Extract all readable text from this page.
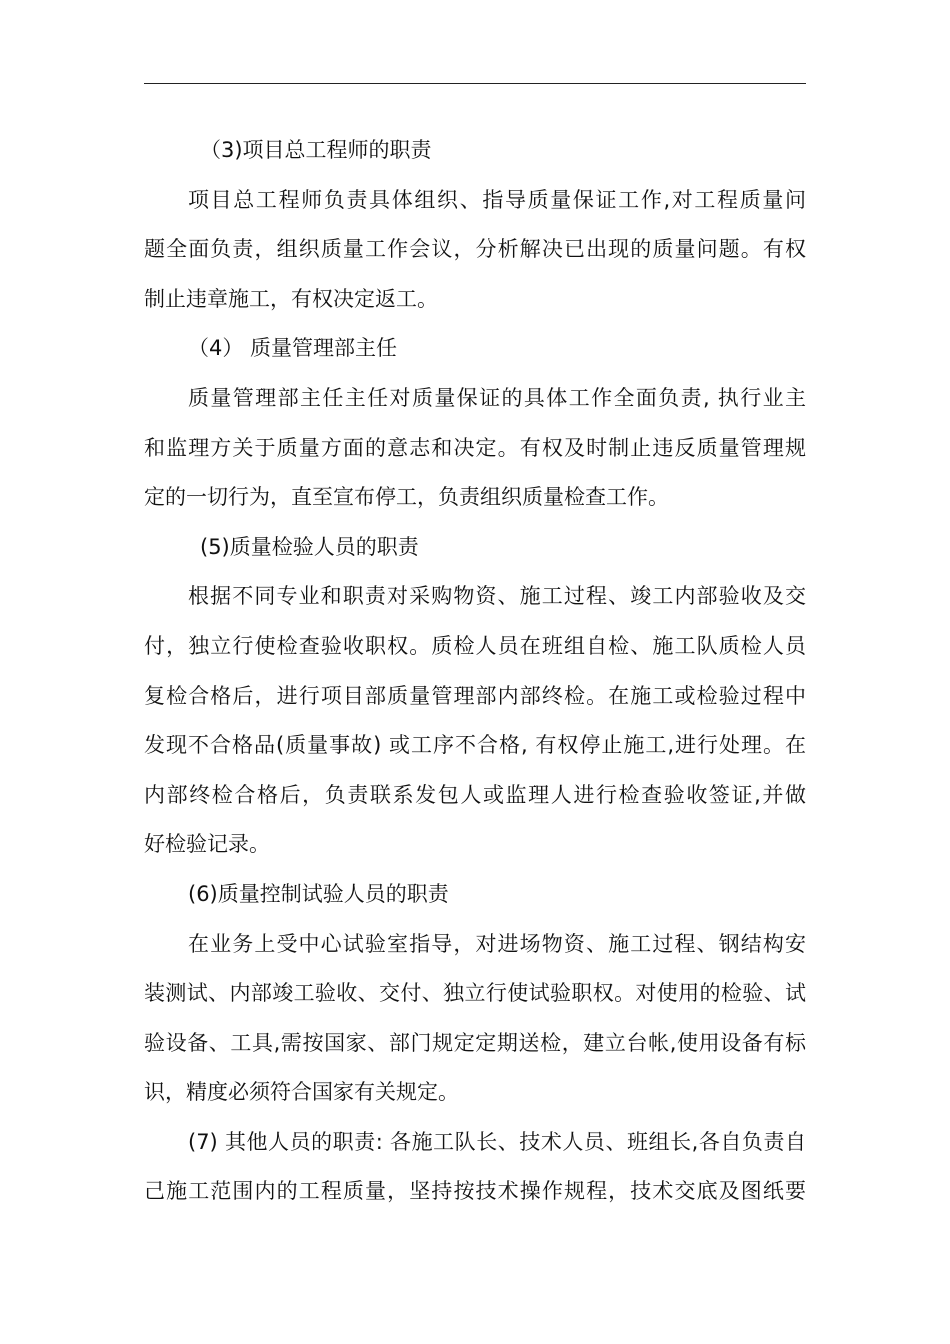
（3)项目总工程师的职责
项目总工程师负责具体组织、指导质量保证工作,对工程质量问
题全面负责，组织质量工作会议，分析解决已出现的质量问题。有权
制止违章施工，有权决定返工。
（4） 质量管理部主任
质量管理部主任主任对质量保证的具体工作全面负责, 执行业主
和监理方关于质量方面的意志和决定。有权及时制止违反质量管理规
定的一切行为，直至宣布停工，负责组织质量检查工作。
(5)质量检验人员的职责
根据不同专业和职责对采购物资、施工过程、竣工内部验收及交
付，独立行使检查验收职权。质检人员在班组自检、施工队质检人员
复检合格后，进行项目部质量管理部内部终检。在施工或检验过程中
发现不合格品(质量事故) 或工序不合格, 有权停止施工,进行处理。在
内部终检合格后，负责联系发包人或监理人进行检查验收签证,并做
好检验记录。
(6)质量控制试验人员的职责
在业务上受中心试验室指导，对进场物资、施工过程、钢结构安
装测试、内部竣工验收、交付、独立行使试验职权。对使用的检验、试
验设备、工具,需按国家、部门规定定期送检，建立台帐,使用设备有标
识，精度必须符合国家有关规定。
(7) 其他人员的职责: 各施工队长、技术人员、班组长,各自负责自
己施工范围内的工程质量，坚持按技术操作规程，技术交底及图纸要
